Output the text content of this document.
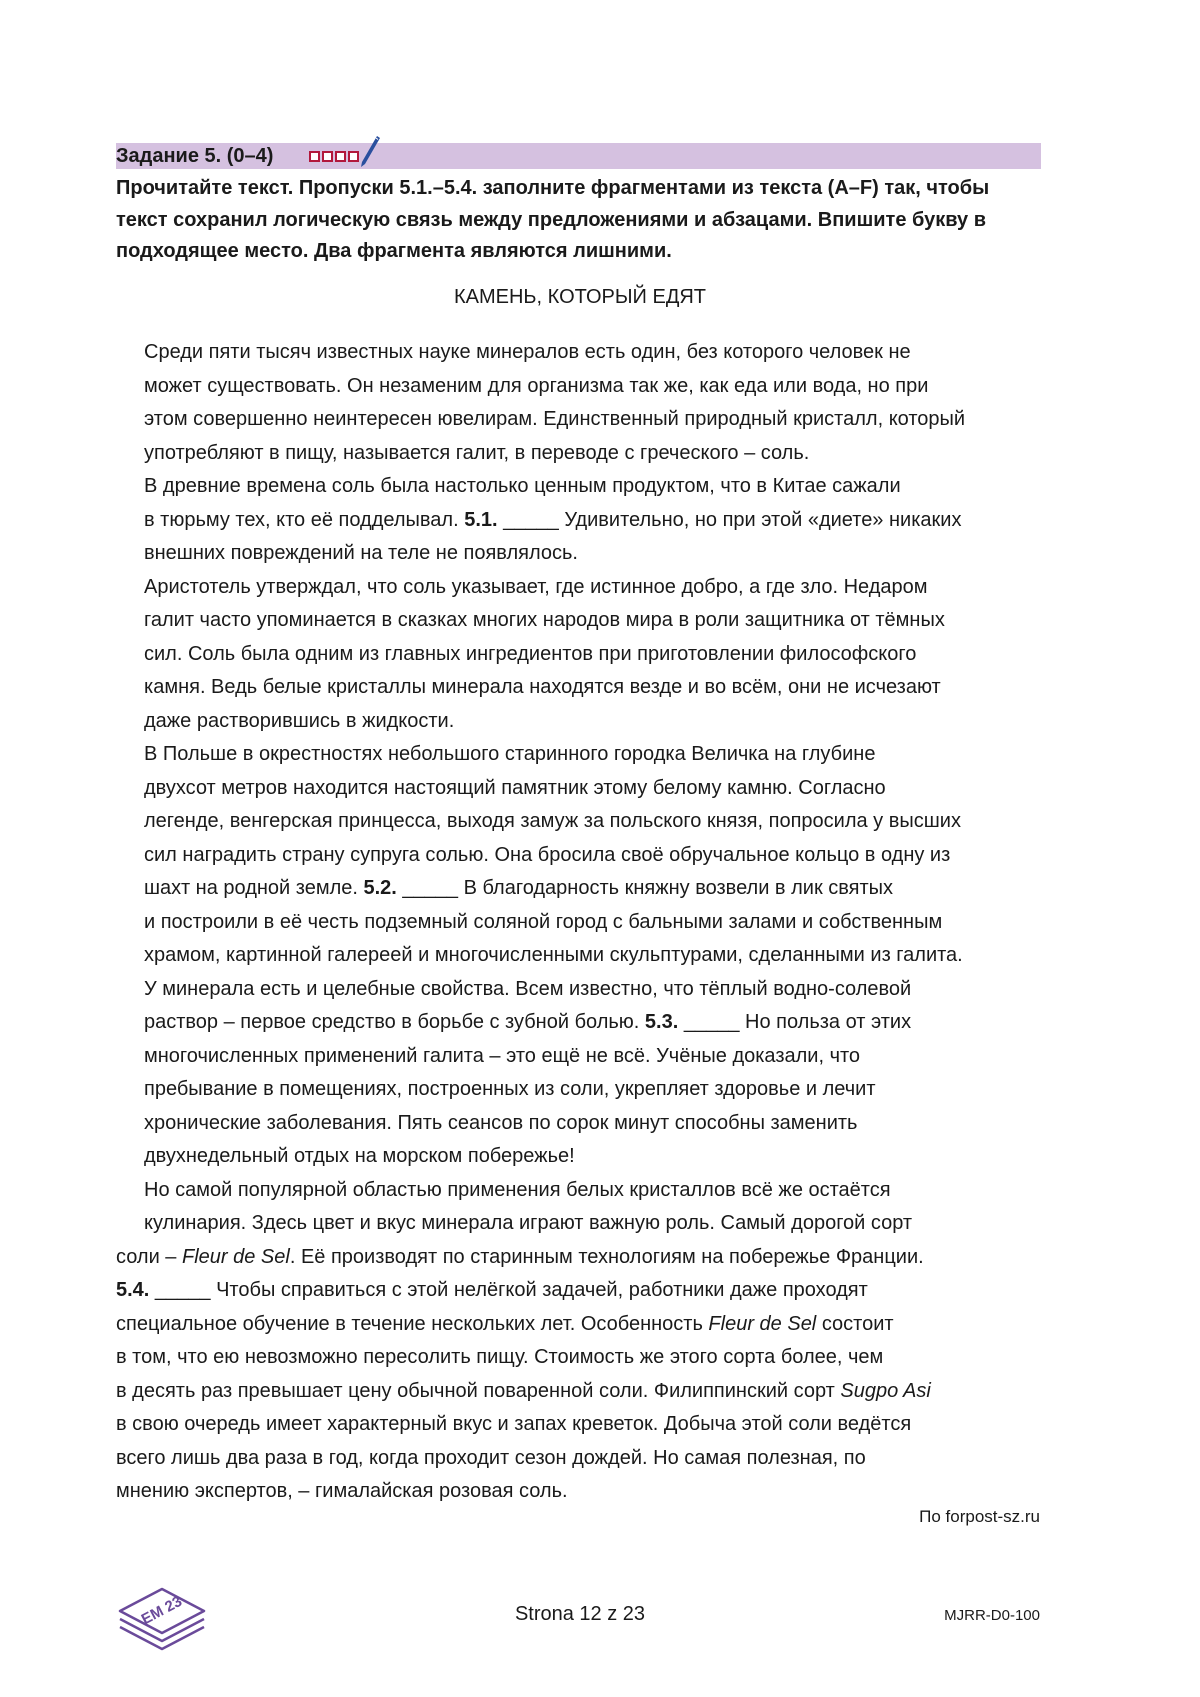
Задание 5. (0–4)

Прочитайте текст. Пропуски 5.1.–5.4. заполните фрагментами из текста (A–F) так, чтобы текст сохранил логическую связь между предложениями и абзацами. Впишите букву в подходящее место. Два фрагмента являются лишними.

КАМЕНЬ, КОТОРЫЙ ЕДЯТ

Среди пяти тысяч известных науке минералов есть один, без которого человек не
может существовать. Он незаменим для организма так же, как еда или вода, но при
этом совершенно неинтересен ювелирам. Единственный природный кристалл, который
употребляют в пищу, называется галит, в переводе с греческого – соль.

В древние времена соль была настолько ценным продуктом, что в Китае сажали
в тюрьму тех, кто её подделывал. 5.1. _____ Удивительно, но при этой «диете» никаких
внешних повреждений на теле не появлялось.

Аристотель утверждал, что соль указывает, где истинное добро, а где зло. Недаром
галит часто упоминается в сказках многих народов мира в роли защитника от тёмных
сил. Соль была одним из главных ингредиентов при приготовлении философского
камня. Ведь белые кристаллы минерала находятся везде и во всём, они не исчезают
даже растворившись в жидкости.

В Польше в окрестностях небольшого старинного городка Величка на глубине
двухсот метров находится настоящий памятник этому белому камню. Согласно
легенде, венгерская принцесса, выходя замуж за польского князя, попросила у высших
сил наградить страну супруга солью. Она бросила своё обручальное кольцо в одну из
шахт на родной земле. 5.2. _____ В благодарность княжну возвели в лик святых
и построили в её честь подземный соляной город с бальными залами и собственным
храмом, картинной галереей и многочисленными скульптурами, сделанными из галита.

У минерала есть и целебные свойства. Всем известно, что тёплый водно-солевой
раствор – первое средство в борьбе с зубной болью. 5.3. _____ Но польза от этих
многочисленных применений галита – это ещё не всё. Учёные доказали, что
пребывание в помещениях, построенных из соли, укрепляет здоровье и лечит
хронические заболевания. Пять сеансов по сорок минут способны заменить
двухнедельный отдых на морском побережье!

Но самой популярной областью применения белых кристаллов всё же остаётся
кулинария. Здесь цвет и вкус минерала играют важную роль. Самый дорогой сорт
соли – Fleur de Sel. Её производят по старинным технологиям на побережье Франции.
5.4. _____ Чтобы справиться с этой нелёгкой задачей, работники даже проходят
специальное обучение в течение нескольких лет. Особенность Fleur de Sel состоит
в том, что ею невозможно пересолить пищу. Стоимость же этого сорта более, чем
в десять раз превышает цену обычной поваренной соли. Филиппинский сорт Sugpo Asi
в свою очередь имеет характерный вкус и запах креветок. Добыча этой соли ведётся
всего лишь два раза в год, когда проходит сезон дождей. Но самая полезная, по
мнению экспертов, – гималайская розовая соль.

По forpost-sz.ru
EM 23	Strona 12 z 23	MJRR-D0-100
